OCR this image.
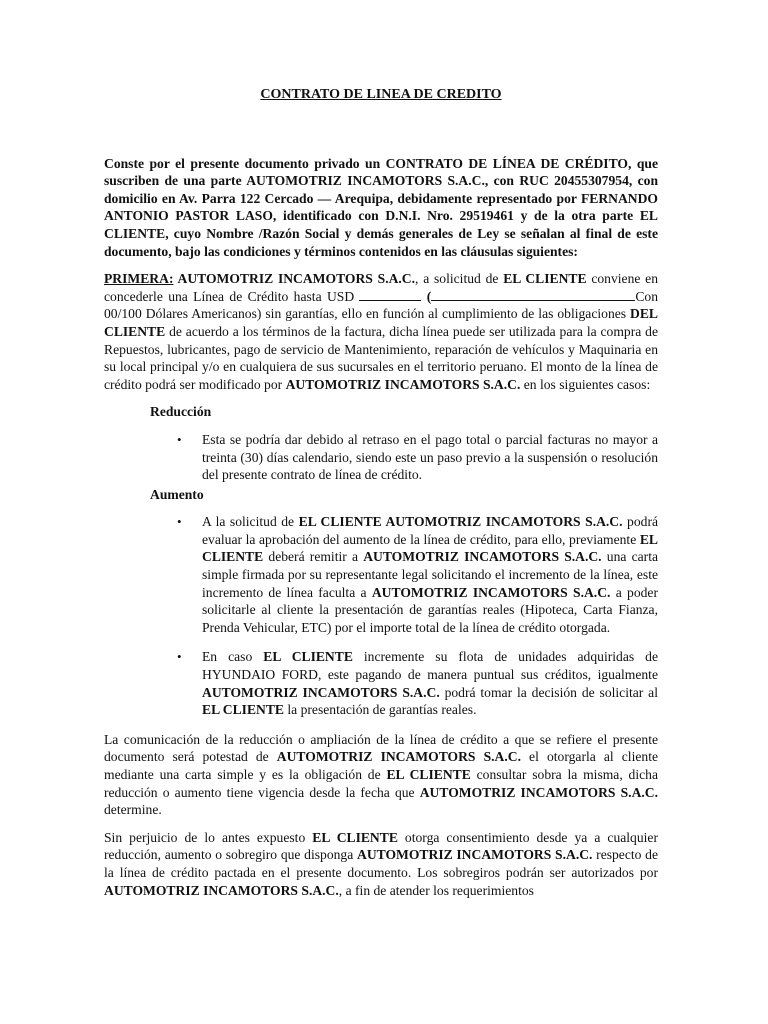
CONTRATO DE LINEA DE CREDITO

Conste por el presente documento privado un CONTRATO DE LÍNEA DE CRÉDITO, que suscriben de una parte AUTOMOTRIZ INCAMOTORS S.A.C., con RUC 20455307954, con domicilio en Av. Parra 122 Cercado — Arequipa, debidamente representado por FERNANDO ANTONIO PASTOR LASO, identificado con D.N.I. Nro. 29519461 y de la otra parte EL CLIENTE, cuyo Nombre /Razón Social y demás generales de Ley se señalan al final de este documento, bajo las condiciones y términos contenidos en las cláusulas siguientes:

PRIMERA: AUTOMOTRIZ INCAMOTORS S.A.C., a solicitud de EL CLIENTE conviene en concederle una Línea de Crédito hasta USD	(	Con 00/100 Dólares Americanos) sin garantías, ello en función al cumplimiento de las obligaciones DEL CLIENTE de acuerdo a los términos de la factura, dicha línea puede ser utilizada para la compra de Repuestos, lubricantes, pago de servicio de Mantenimiento, reparación de vehículos y Maquinaria en su local principal y/o en cualquiera de sus sucursales en el territorio peruano. El monto de la línea de crédito podrá ser modificado por AUTOMOTRIZ INCAMOTORS S.A.C. en los siguientes casos:

Reducción
• Esta se podría dar debido al retraso en el pago total o parcial facturas no mayor a treinta (30) días calendario, siendo este un paso previo a la suspensión o resolución del presente contrato de línea de crédito.
Aumento
• A la solicitud de EL CLIENTE AUTOMOTRIZ INCAMOTORS S.A.C. podrá evaluar la aprobación del aumento de la línea de crédito, para ello, previamente EL CLIENTE deberá remitir a AUTOMOTRIZ INCAMOTORS S.A.C. una carta simple firmada por su representante legal solicitando el incremento de la línea, este incremento de línea faculta a AUTOMOTRIZ INCAMOTORS S.A.C. a poder solicitarle al cliente la presentación de garantías reales (Hipoteca, Carta Fianza, Prenda Vehicular, ETC) por el importe total de la línea de crédito otorgada.
• En caso EL CLIENTE incremente su flota de unidades adquiridas de HYUNDAIO FORD, este pagando de manera puntual sus créditos, igualmente AUTOMOTRIZ INCAMOTORS S.A.C. podrá tomar la decisión de solicitar al EL CLIENTE la presentación de garantías reales.

La comunicación de la reducción o ampliación de la línea de crédito a que se refiere el presente documento será potestad de AUTOMOTRIZ INCAMOTORS S.A.C. el otorgarla al cliente mediante una carta simple y es la obligación de EL CLIENTE consultar sobra la misma, dicha reducción o aumento tiene vigencia desde la fecha que AUTOMOTRIZ INCAMOTORS S.A.C. determine.

Sin perjuicio de lo antes expuesto EL CLIENTE otorga consentimiento desde ya a cualquier reducción, aumento o sobregiro que disponga AUTOMOTRIZ INCAMOTORS S.A.C. respecto de la línea de crédito pactada en el presente documento. Los sobregiros podrán ser autorizados por AUTOMOTRIZ INCAMOTORS S.A.C., a fin de atender los requerimientos
